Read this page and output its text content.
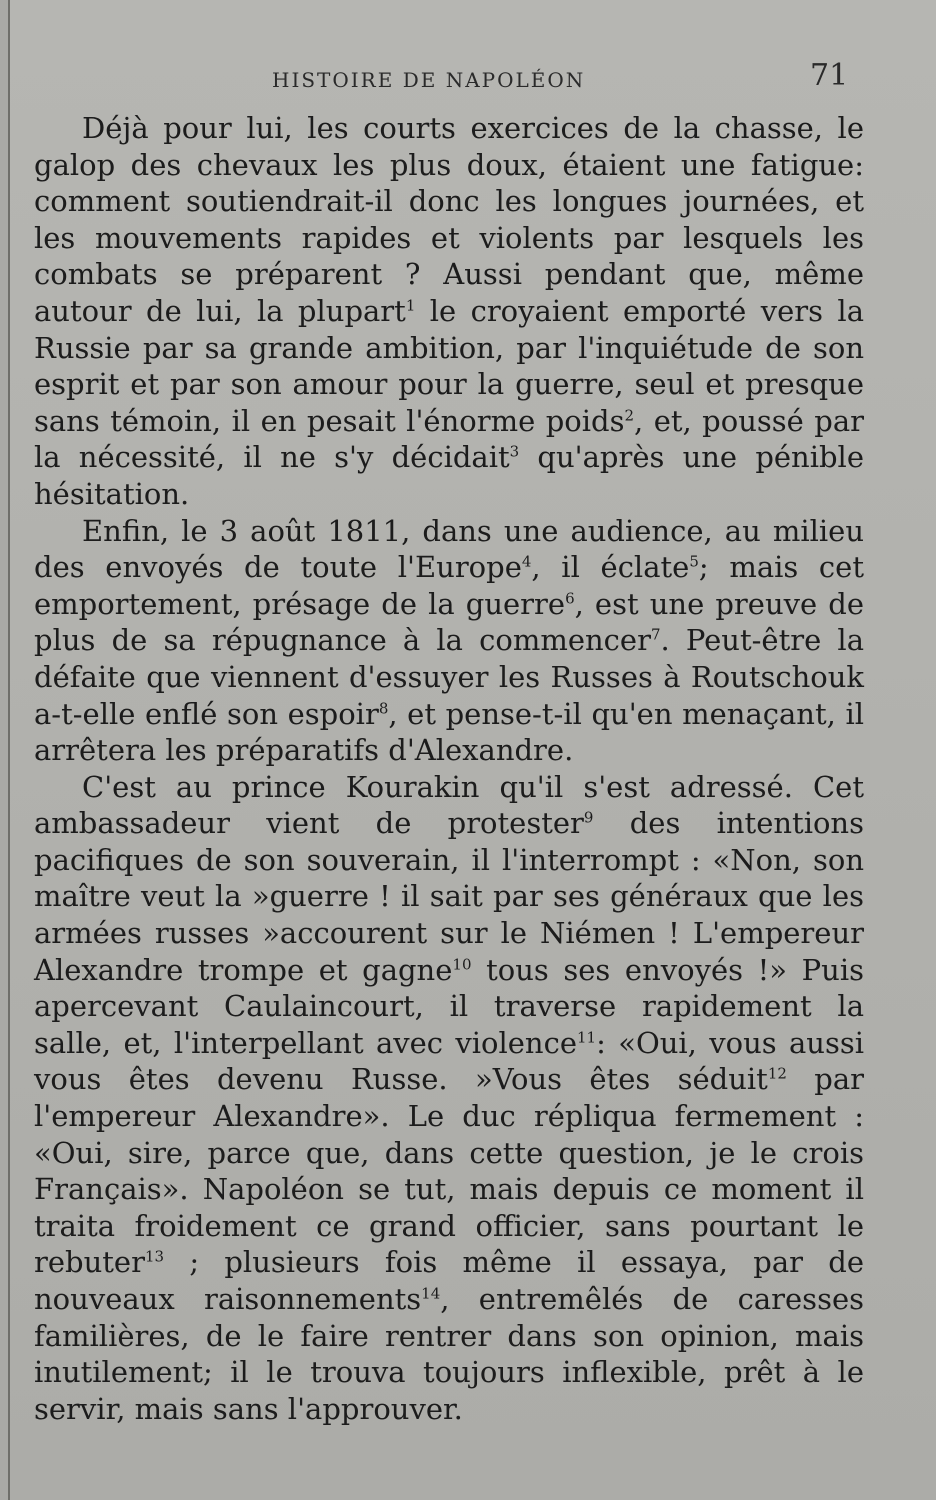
HISTOIRE DE NAPOLÉON	71

Déjà pour lui, les courts exercices de la chasse, le galop des chevaux les plus doux, étaient une fatigue: comment soutiendrait-il donc les longues journées, et les mouvements rapides et violents par lesquels les combats se préparent ? Aussi pendant que, même autour de lui, la plupart$^1$ le croyaient emporté vers la Russie par sa grande ambition, par l'inquiétude de son esprit et par son amour pour la guerre, seul et presque sans témoin, il en pesait l'énorme poids$^2$, et, poussé par la nécessité, il ne s'y décidait$^3$ qu'après une pénible hésitation.

Enfin, le 3 août 1811, dans une audience, au milieu des envoyés de toute l'Europe$^4$, il éclate$^5$; mais cet emportement, présage de la guerre$^6$, est une preuve de plus de sa répugnance à la commencer$^7$. Peut-être la défaite que viennent d'essuyer les Russes à Routschouk a-t-elle enflé son espoir$^8$, et pense-t-il qu'en menaçant, il arrêtera les préparatifs d'Alexandre.

C'est au prince Kourakin qu'il s'est adressé. Cet ambassadeur vient de protester$^9$ des intentions pacifiques de son souverain, il l'interrompt : «Non, son maître veut la »guerre ! il sait par ses généraux que les armées russes »accourent sur le Niémen ! L'empereur Alexandre trompe et gagne$^{10}$ tous ses envoyés !» Puis apercevant Caulaincourt, il traverse rapidement la salle, et, l'interpellant avec violence$^{11}$: «Oui, vous aussi vous êtes devenu Russe. »Vous êtes séduit$^{12}$ par l'empereur Alexandre». Le duc répliqua fermement : «Oui, sire, parce que, dans cette question, je le crois Français». Napoléon se tut, mais depuis ce moment il traita froidement ce grand officier, sans pourtant le rebuter$^{13}$ ; plusieurs fois même il essaya, par de nouveaux raisonnements$^{14}$, entremêlés de caresses familières, de le faire rentrer dans son opinion, mais inutilement; il le trouva toujours inflexible, prêt à le servir, mais sans l'approuver.
